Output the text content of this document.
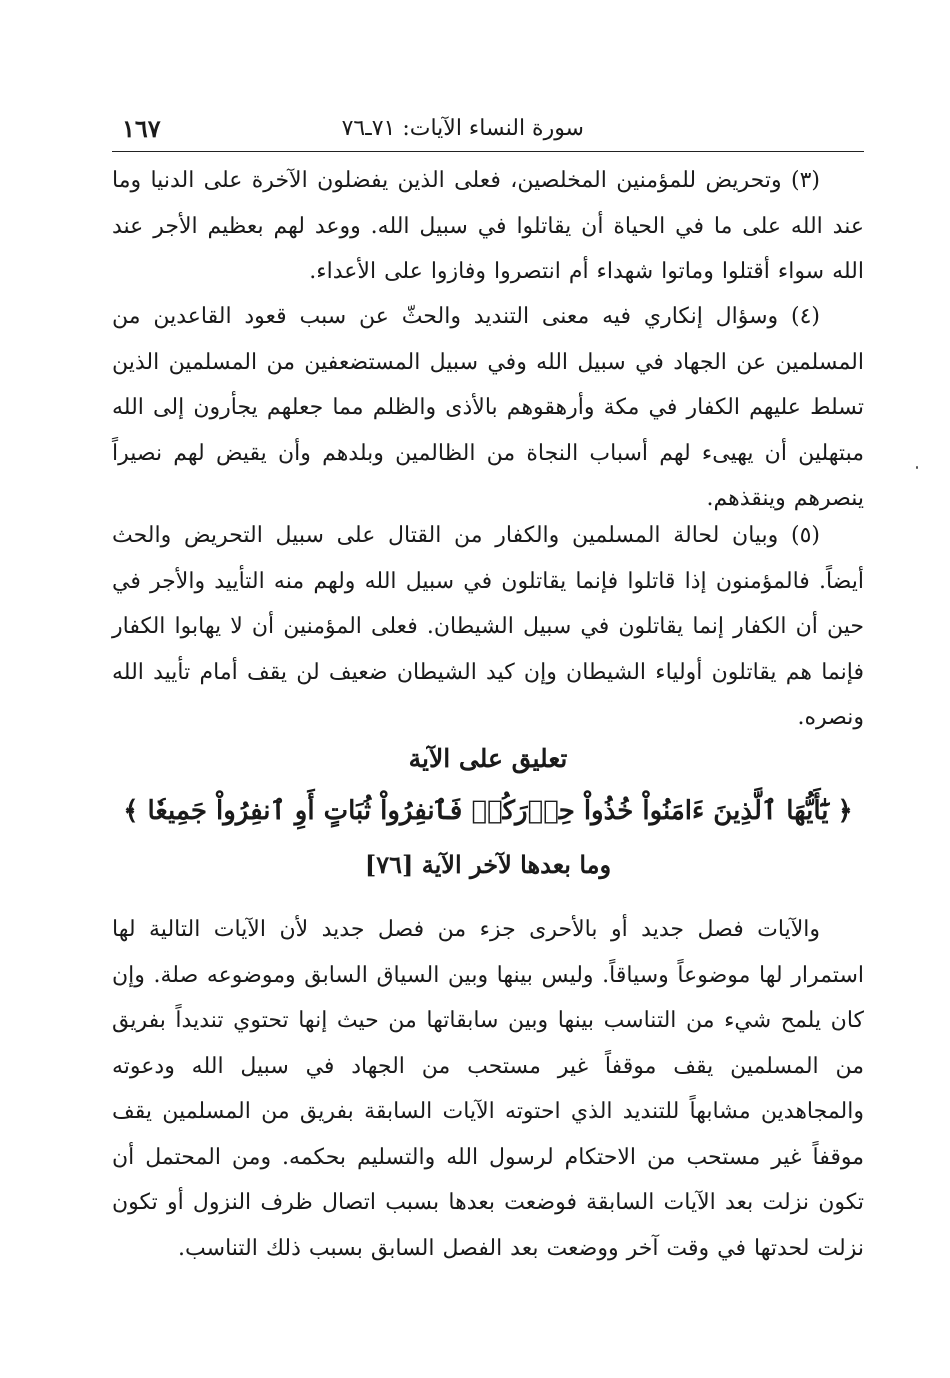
سورة النساء الآيات: ٧١ـ٧٦
١٦٧

(٣) وتحريض للمؤمنين المخلصين، فعلى الذين يفضلون الآخرة على الدنيا وما عند الله على ما في الحياة أن يقاتلوا في سبيل الله. ووعد لهم بعظيم الأجر عند الله سواء أقتلوا وماتوا شهداء أم انتصروا وفازوا على الأعداء.

(٤) وسؤال إنكاري فيه معنى التنديد والحثّ عن سبب قعود القاعدين من المسلمين عن الجهاد في سبيل الله وفي سبيل المستضعفين من المسلمين الذين تسلط عليهم الكفار في مكة وأرهقوهم بالأذى والظلم مما جعلهم يجأرون إلى الله مبتهلين أن يهيىء لهم أسباب النجاة من الظالمين وبلدهم وأن يقيض لهم نصيراً ينصرهم وينقذهم.

(٥) وبيان لحالة المسلمين والكفار من القتال على سبيل التحريض والحث أيضاً. فالمؤمنون إذا قاتلوا فإنما يقاتلون في سبيل الله ولهم منه التأييد والأجر في حين أن الكفار إنما يقاتلون في سبيل الشيطان. فعلى المؤمنين أن لا يهابوا الكفار فإنما هم يقاتلون أولياء الشيطان وإن كيد الشيطان ضعيف لن يقف أمام تأييد الله ونصره.

تعليق على الآية
﴿ يَٰٓأَيُّهَا ٱلَّذِينَ ءَامَنُواْ خُذُواْ حِذۡرَكُمۡ فَٱنفِرُواْ ثُبَاتٍ أَوِ ٱنفِرُواْ جَمِيعٗا ﴾
وما بعدها لآخر الآية [٧٦]

والآيات فصل جديد أو بالأحرى جزء من فصل جديد لأن الآيات التالية لها استمرار لها موضوعاً وسياقاً. وليس بينها وبين السياق السابق وموضوعه صلة. وإن كان يلمح شيء من التناسب بينها وبين سابقاتها من حيث إنها تحتوي تنديداً بفريق من المسلمين يقف موقفاً غير مستحب من الجهاد في سبيل الله ودعوته والمجاهدين مشابهاً للتنديد الذي احتوته الآيات السابقة بفريق من المسلمين يقف موقفاً غير مستحب من الاحتكام لرسول الله والتسليم بحكمه. ومن المحتمل أن تكون نزلت بعد الآيات السابقة فوضعت بعدها بسبب اتصال ظرف النزول أو تكون نزلت لحدتها في وقت آخر ووضعت بعد الفصل السابق بسبب ذلك التناسب.
